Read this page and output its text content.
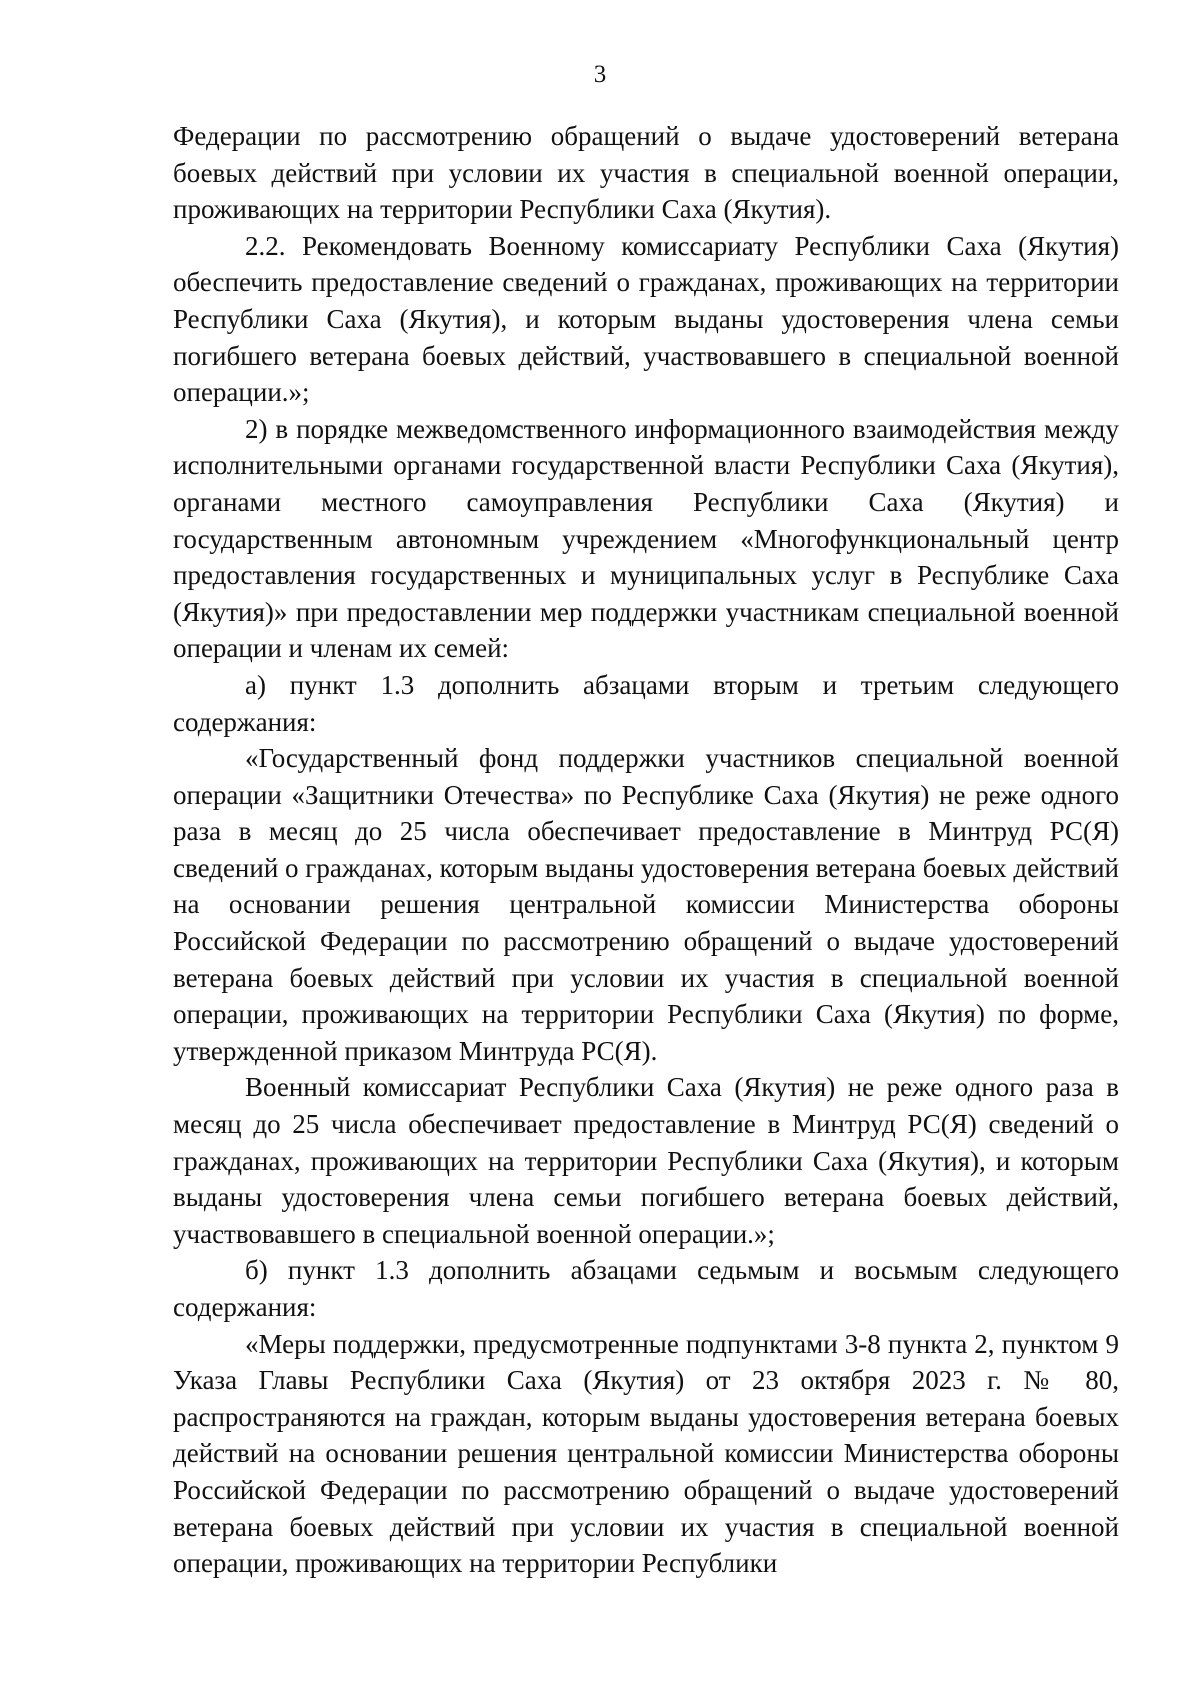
3

Федерации по рассмотрению обращений о выдаче удостоверений ветерана боевых действий при условии их участия в специальной военной операции, проживающих на территории Республики Саха (Якутия).

2.2. Рекомендовать Военному комиссариату Республики Саха (Якутия) обеспечить предоставление сведений о гражданах, проживающих на территории Республики Саха (Якутия), и которым выданы удостоверения члена семьи погибшего ветерана боевых действий, участвовавшего в специальной военной операции.»;

2) в порядке межведомственного информационного взаимодействия между исполнительными органами государственной власти Республики Саха (Якутия), органами местного самоуправления Республики Саха (Якутия) и государственным автономным учреждением «Многофункциональный центр предоставления государственных и муниципальных услуг в Республике Саха (Якутия)» при предоставлении мер поддержки участникам специальной военной операции и членам их семей:

а) пункт 1.3 дополнить абзацами вторым и третьим следующего содержания:

«Государственный фонд поддержки участников специальной военной операции «Защитники Отечества» по Республике Саха (Якутия) не реже одного раза в месяц до 25 числа обеспечивает предоставление в Минтруд РС(Я) сведений о гражданах, которым выданы удостоверения ветерана боевых действий на основании решения центральной комиссии Министерства обороны Российской Федерации по рассмотрению обращений о выдаче удостоверений ветерана боевых действий при условии их участия в специальной военной операции, проживающих на территории Республики Саха (Якутия) по форме, утвержденной приказом Минтруда РС(Я).

Военный комиссариат Республики Саха (Якутия) не реже одного раза в месяц до 25 числа обеспечивает предоставление в Минтруд РС(Я) сведений о гражданах, проживающих на территории Республики Саха (Якутия), и которым выданы удостоверения члена семьи погибшего ветерана боевых действий, участвовавшего в специальной военной операции.»;

б) пункт 1.3 дополнить абзацами седьмым и восьмым следующего содержания:

«Меры поддержки, предусмотренные подпунктами 3-8 пункта 2, пунктом 9 Указа Главы Республики Саха (Якутия) от 23 октября 2023 г. № 80, распространяются на граждан, которым выданы удостоверения ветерана боевых действий на основании решения центральной комиссии Министерства обороны Российской Федерации по рассмотрению обращений о выдаче удостоверений ветерана боевых действий при условии их участия в специальной военной операции, проживающих на территории Республики
